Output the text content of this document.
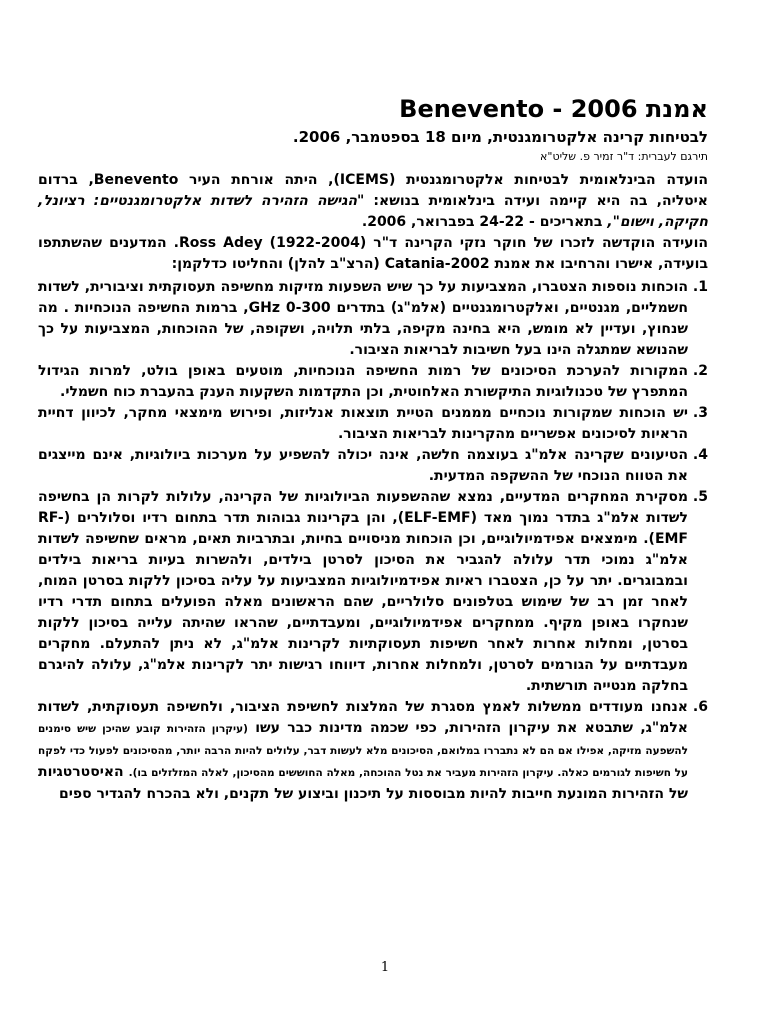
Benevento - 2006 אמנת
לבטיחות קרינה אלקטרומגנטית, מיום 18 בספטמבר, 2006.
תירגם לעברית: ד"ר זמיר פ. שליט"א

הועדה הבינלאומית לבטיחות אלקטרומגנטית (ICEMS), היתה אורחת העיר Benevento, ברדום איטליה, בה היא קיימה ועידה בינלאומית בנושא: "הגישה הזהירה לשדות אלקטרומגנטיים: רציונל, חקיקה, וישום", בתאריכים - 24-22 בפברואר, 2006.

הועידה הוקדשה לזכרו של חוקר נזקי הקרינה ד"ר Ross Adey (1922-2004). המדענים שהשתתפו בועידה, אישרו והרחיבו את אמנת Catania-2002 (הרצ"ב להלן) והחליטו כדלקמן:

1.
הוכחות נוספות הצטברו, המצביעות על כך שיש השפעות מזיקות מחשיפה תעסוקתית וציבורית, לשדות חשמליים, מגנטיים, ואלקטרומגנטיים (אלמ"ג) בתדרים 0-300 GHz, ברמות החשיפה הנוכחיות . מה שנחוץ, ועדיין לא מומש, היא בחינה מקיפה, בלתי תלויה, ושקופה, של ההוכחות, המצביעות על כך שהנושא שמתגלה הינו בעל חשיבות לבריאות הציבור.
2.
המקורות להערכת הסיכונים של רמות החשיפה הנוכחיות, מוטעים באופן בולט, למרות הגידול המתפרץ של טכנולוגיות התיקשורת האלחוטית, וכן התקדמות השקעות הענק בהעברת כוח חשמלי.
3.
יש הוכחות שמקורות נוכחיים מממנים הטיית תוצאות אנליזות, ופירוש מימצאי מחקר, לכיוון דחיית הראיות לסיכונים אפשריים מהקרינות לבריאות הציבור.
4.
הטיעונים שקרינה אלמ"ג בעוצמה חלשה, אינה יכולה להשפיע על מערכות ביולוגיות, אינם מייצגים את הטווח הנוכחי של ההשקפה המדעית.
5.
מסקירת המחקרים המדעיים, נמצא שההשפעות הביולוגיות של הקרינה, עלולות לקרות הן בחשיפה לשדות אלמ"ג בתדר נמוך מאד (ELF-EMF), והן בקרינות גבוהות תדר בתחום רדיו וסלולרים (RF-EMF). מימצאים אפידמיולוגיים, וכן הוכחות מניסויים בחיות, ובתרביות תאים, מראים שחשיפה לשדות אלמ"ג נמוכי תדר עלולה להגביר את הסיכון לסרטן בילדים, ולהשרות בעיות בריאות בילדים ובמבוגרים. יתר על כן, הצטברו ראיות אפידמיולוגיות המצביעות על עליה בסיכון ללקות בסרטן המוח, לאחר זמן רב של שימוש בטלפונים סלולריים, שהם הראשונים מאלה הפועלים בתחום תדרי רדיו שנחקרו באופן מקיף. ממחקרים אפידמיולוגיים, ומעבדתיים, שהראו שהיתה עלייה בסיכון ללקות בסרטן, ומחלות אחרות לאחר חשיפות תעסוקתיות לקרינות אלמ"ג, לא ניתן להתעלם. מחקרים מעבדתיים על הגורמים לסרטן, ולמחלות אחרות, דיווחו רגישות יתר לקרינות אלמ"ג, עלולה להיגרם בחלקה מנטייה תורשתית.
6.
אנחנו מעודדים ממשלות לאמץ מסגרת של המלצות לחשיפת הציבור, ולחשיפה תעסוקתית, לשדות אלמ"ג, שתבטא את עיקרון הזהירות, כפי שכמה מדינות כבר עשו (עיקרון הזהירות קובע שהיכן שיש סימנים להשפעה מזיקה, אפילו אם הם לא נתבררו במלואם, הסיכונים מלא לעשות דבר, עלולים להיות הרבה יותר, מהסיכונים לפעול כדי לפקח על חשיפות לגורמים כאלה. עיקרון הזהירות מעביר את נטל ההוכחה, מאלה החוששים מהסיכון, לאלה המזלזלים בו). האיסטרטגיות של הזהירות המונעת חייבות להיות מבוססות על תיכנון וביצוע של תקנים, ולא בהכרח להגדיר ספים
1
